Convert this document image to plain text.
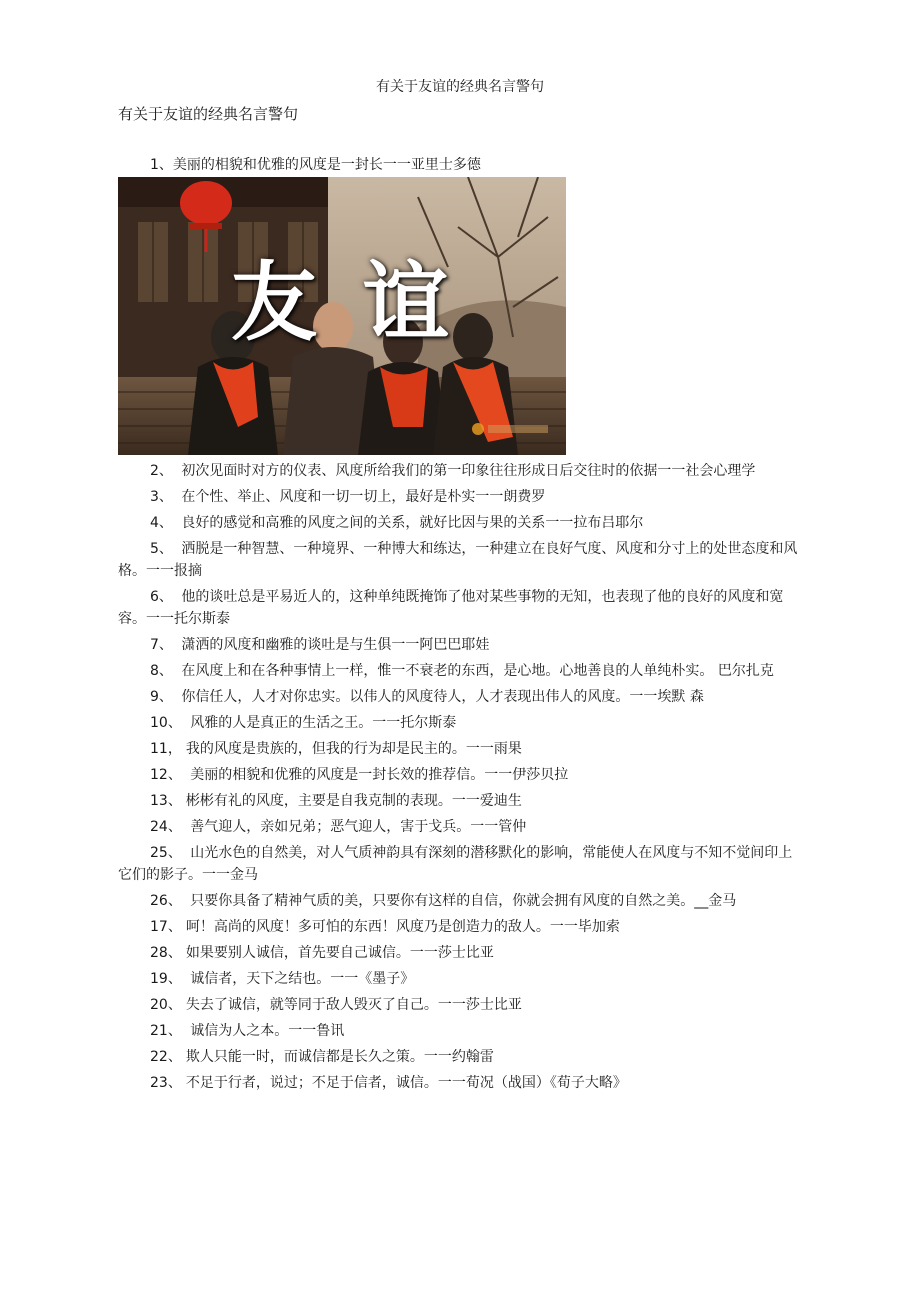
有关于友谊的经典名言警句
有关于友谊的经典名言警句
1、美丽的相貌和优雅的风度是一封长一一亚里士多德
友 谊

2、 初次见面时对方的仪表、风度所给我们的第一印象往往形成日后交往时的依据一一社会心理学

3、 在个性、举止、风度和一切一切上，最好是朴实一一朗费罗

4、 良好的感觉和高雅的风度之间的关系，就好比因与果的关系一一拉布吕耶尔

5、 洒脱是一种智慧、一种境界、一种博大和练达，一种建立在良好气度、风度和分寸上的处世态度和风格。一一报摘

6、 他的谈吐总是平易近人的，这种单纯既掩饰了他对某些事物的无知，也表现了他的良好的风度和宽容。一一托尔斯泰

7、 潇洒的风度和幽雅的谈吐是与生俱一一阿巴巴耶娃

8、 在风度上和在各种事情上一样，惟一不衰老的东西，是心地。心地善良的人单纯朴实。 巴尔扎克

9、 你信任人，人才对你忠实。以伟人的风度待人，人才表现出伟人的风度。一一埃默 森

10、 风雅的人是真正的生活之王。一一托尔斯泰

11， 我的风度是贵族的，但我的行为却是民主的。一一雨果

12、 美丽的相貌和优雅的风度是一封长效的推荐信。一一伊莎贝拉

13、 彬彬有礼的风度，主要是自我克制的表现。一一爱迪生

24、 善气迎人，亲如兄弟；恶气迎人，害于戈兵。一一管仲

25、 山光水色的自然美，对人气质神韵具有深刻的潜移默化的影响，常能使人在风度与不知不觉间印上它们的影子。一一金马

26、 只要你具备了精神气质的美，只要你有这样的自信，你就会拥有风度的自然之美。__金马

17、 呵！高尚的风度！多可怕的东西！风度乃是创造力的敌人。一一毕加索

28、 如果要别人诚信，首先要自己诚信。一一莎士比亚

19、 诚信者，天下之结也。一一《墨子》

20、 失去了诚信，就等同于敌人毁灭了自己。一一莎士比亚

21、 诚信为人之本。一一鲁讯

22、 欺人只能一时，而诚信都是长久之策。一一约翰雷

23、 不足于行者，说过；不足于信者，诚信。一一荀况（战国）《荀子大略》
